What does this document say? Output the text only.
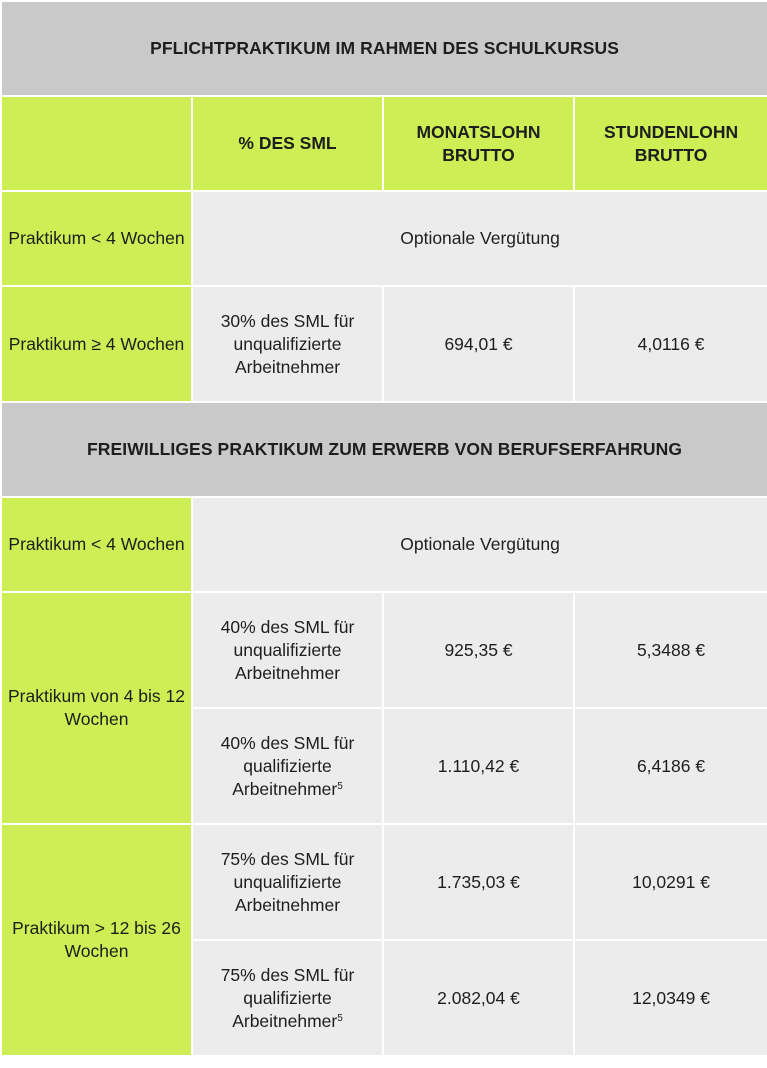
PFLICHTPRAKTIKUM IM RAHMEN DES SCHULKURSUS			
	% DES SML	MONATSLOHN BRUTTO	STUNDENLOHN BRUTTO
Praktikum < 4 Wochen	Optionale Vergütung		
Praktikum ≥ 4 Wochen	30% des SML für unqualifizierte Arbeitnehmer	694,01 €	4,0116 €
FREIWILLIGES PRAKTIKUM ZUM ERWERB VON BERUFSERFAHRUNG			
Praktikum < 4 Wochen	Optionale Vergütung		
Praktikum von 4 bis 12 Wochen	40% des SML für unqualifizierte Arbeitnehmer	925,35 €	5,3488 €
	40% des SML für qualifizierte Arbeitnehmer$^5$	1.110,42 €	6,4186 €
Praktikum > 12 bis 26 Wochen	75% des SML für unqualifizierte Arbeitnehmer	1.735,03 €	10,0291 €
	75% des SML für qualifizierte Arbeitnehmer$^5$	2.082,04 €	12,0349 €
